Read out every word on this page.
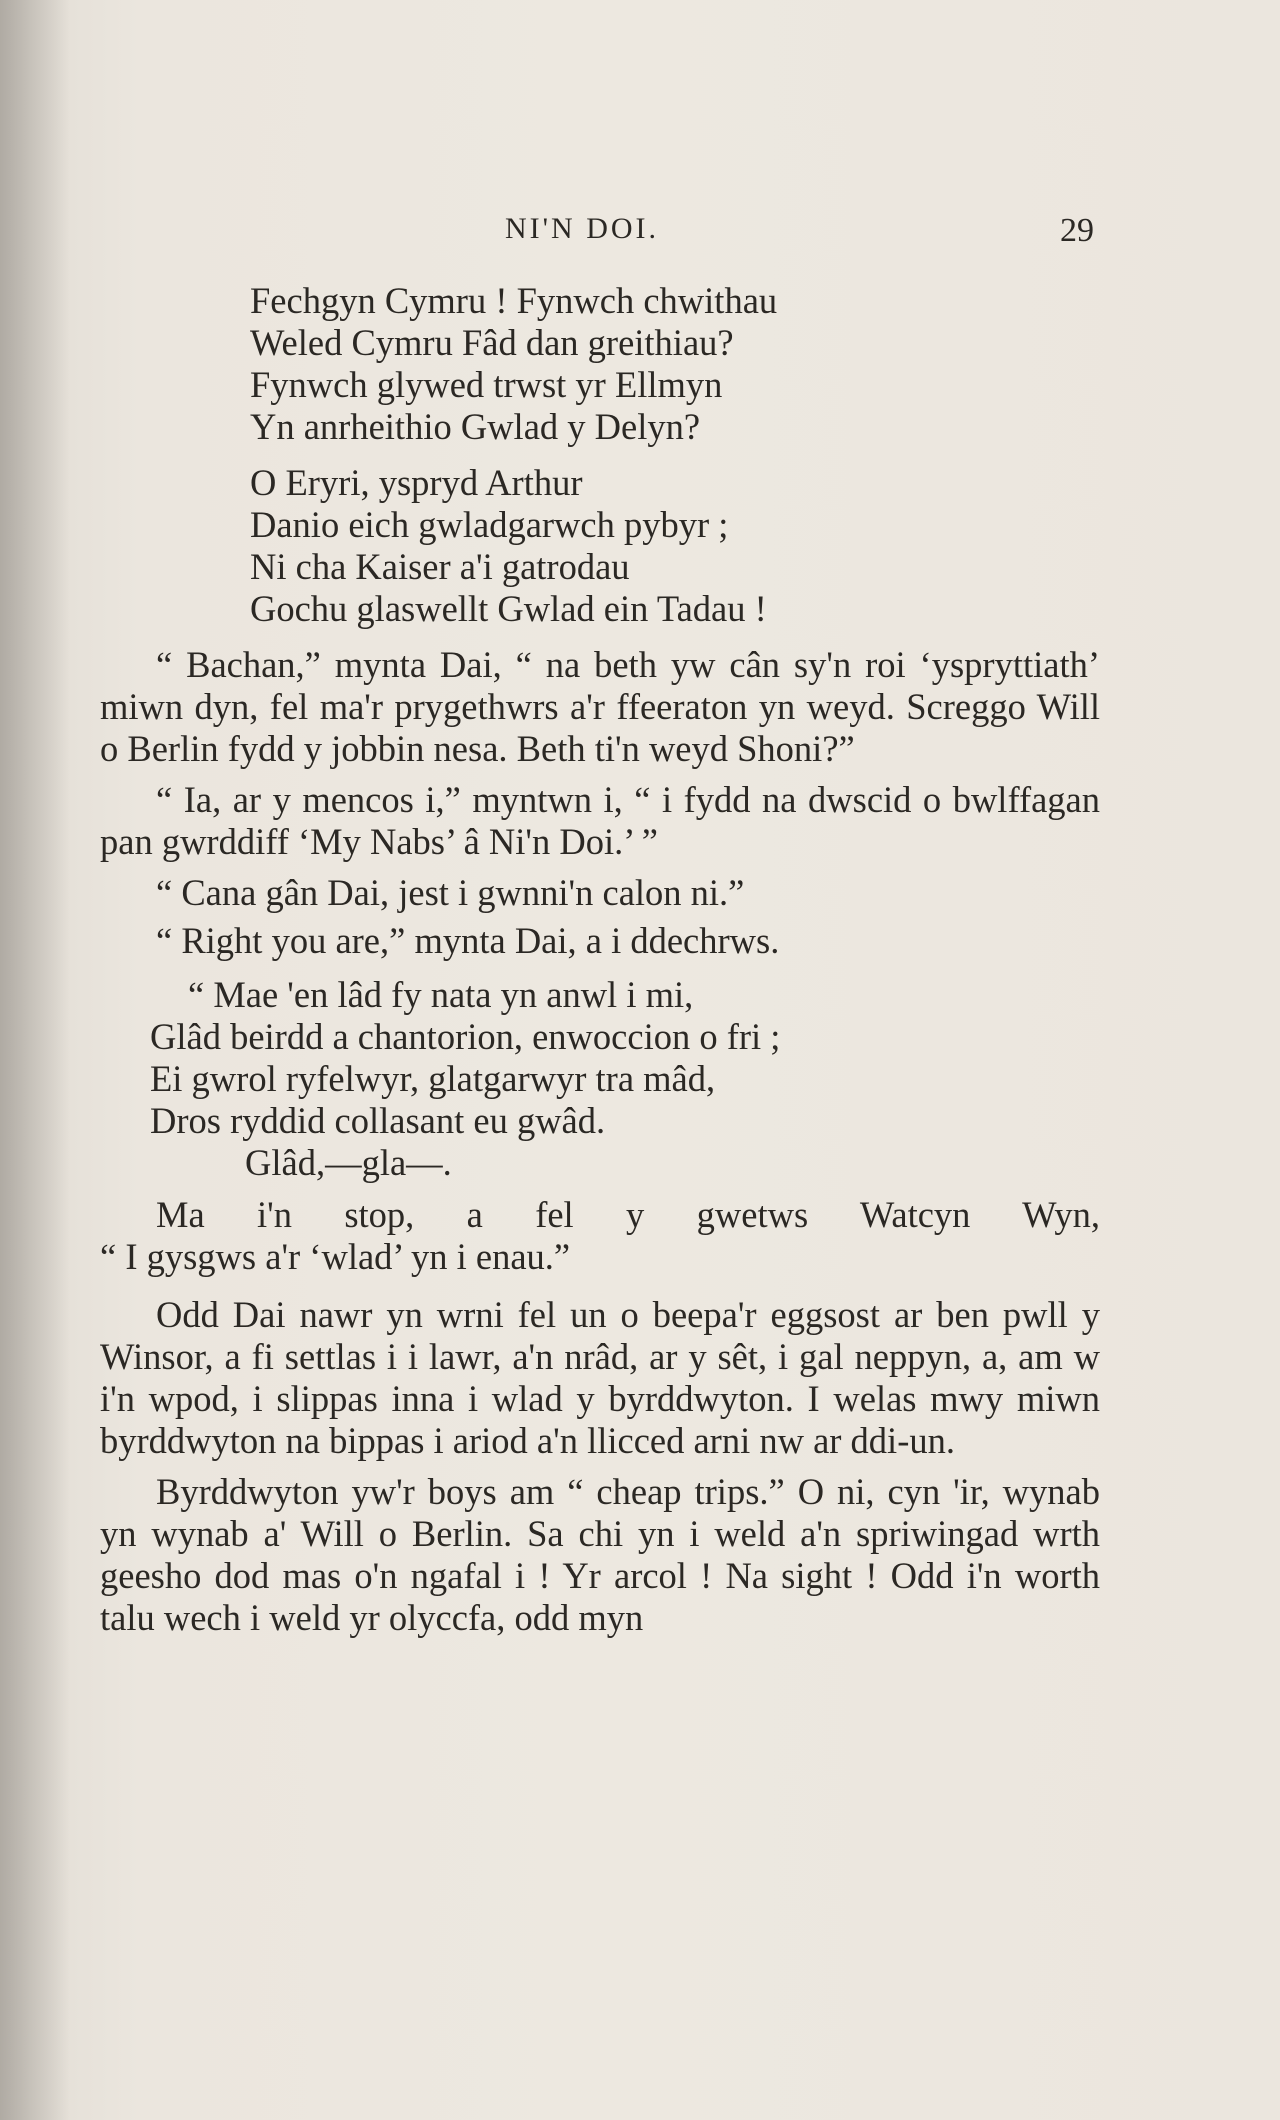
NI'N DOI.	29
Fechgyn Cymru ! Fynwch chwithau
Weled Cymru Fâd dan greithiau?
Fynwch glywed trwst yr Ellmyn
Yn anrheithio Gwlad y Delyn?
O Eryri, yspryd Arthur
Danio eich gwladgarwch pybyr ;
Ni cha Kaiser a'i gatrodau
Gochu glaswellt Gwlad ein Tadau !

“ Bachan,” mynta Dai, “ na beth yw cân sy'n roi ‘yspryttiath’ miwn dyn, fel ma'r prygethwrs a'r ffeeraton yn weyd. Screggo Will o Berlin fydd y jobbin nesa. Beth ti'n weyd Shoni?”

“ Ia, ar y mencos i,” myntwn i, “ i fydd na dwscid o bwlffagan pan gwrddiff ‘My Nabs’ â Ni'n Doi.’ ”

“ Cana gân Dai, jest i gwnni'n calon ni.”

“ Right you are,” mynta Dai, a i ddechrws.

“ Mae 'en lâd fy nata yn anwl i mi,
Glâd beirdd a chantorion, enwoccion o fri ;
Ei gwrol ryfelwyr, glatgarwyr tra mâd,
Dros ryddid collasant eu gwâd.
Glâd,—gla—.
Ma i'n stop, a fel y gwetws Watcyn Wyn,
“ I gysgws a'r ‘wlad’ yn i enau.”

Odd Dai nawr yn wrni fel un o beepa'r eggsost ar ben pwll y Winsor, a fi settlas i i lawr, a'n nrâd, ar y sêt, i gal neppyn, a, am w i'n wpod, i slippas inna i wlad y byrddwyton. I welas mwy miwn byrddwyton na bippas i ariod a'n llicced arni nw ar ddi-un.

Byrddwyton yw'r boys am “ cheap trips.” O ni, cyn 'ir, wynab yn wynab a' Will o Berlin. Sa chi yn i weld a'n spriwingad wrth geesho dod mas o'n ngafal i ! Yr arcol ! Na sight ! Odd i'n worth talu wech i weld yr olyccfa, odd myn
